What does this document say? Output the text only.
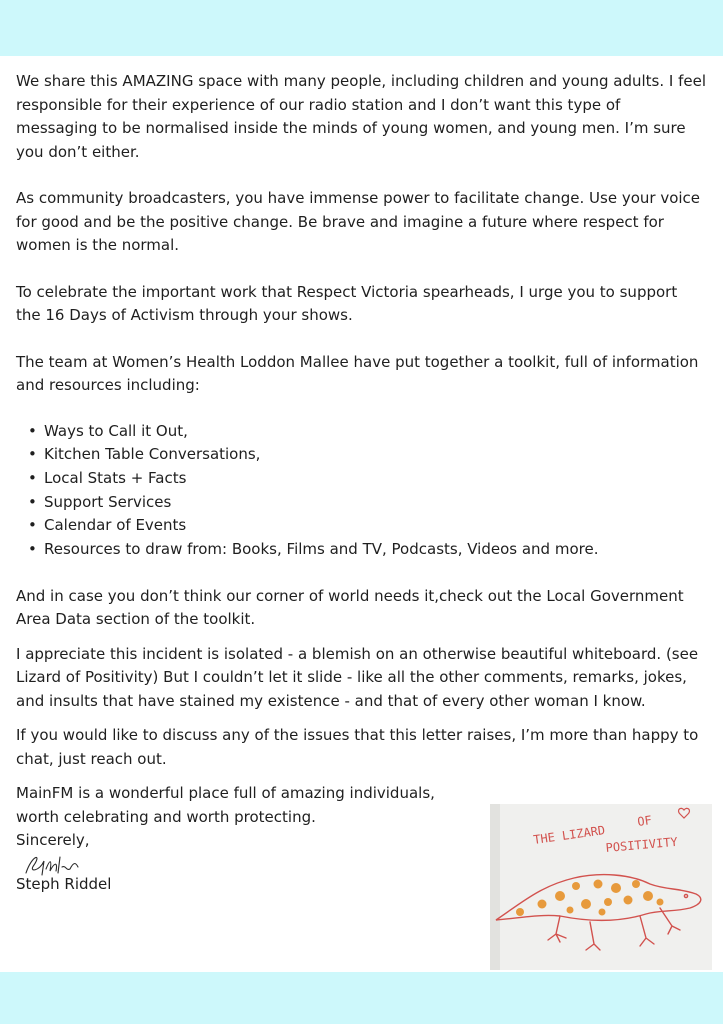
We share this AMAZING space with many people, including children and young adults. I feel responsible for their experience of our radio station and I don’t want this type of messaging to be normalised inside the minds of young women, and young men. I’m sure you don’t either.

As community broadcasters, you have immense power to facilitate change. Use your voice for good and be the positive change. Be brave and imagine a future where respect for women is the normal.

To celebrate the important work that Respect Victoria spearheads, I urge you to support the 16 Days of Activism through your shows.

The team at Women’s Health Loddon Mallee have put together a toolkit, full of information and resources including:

• Ways to Call it Out,
• Kitchen Table Conversations,
• Local Stats + Facts
• Support Services
• Calendar of Events
• Resources to draw from: Books, Films and TV, Podcasts, Videos and more.

And in case you don’t think our corner of world needs it,check out the Local Government Area Data section of the toolkit.

I appreciate this incident is isolated - a blemish on an otherwise beautiful whiteboard. (see Lizard of Positivity) But I couldn’t let it slide - like all the other comments, remarks, jokes, and insults that have stained my existence - and that of every other woman I know.

If you would like to discuss any of the issues that this letter raises, I’m more than happy to chat, just reach out.

MainFM is a wonderful place full of amazing individuals, worth celebrating and worth protecting.

Sincerely,

Steph Riddel

THE LIZARD
OF
POSITIVITY
